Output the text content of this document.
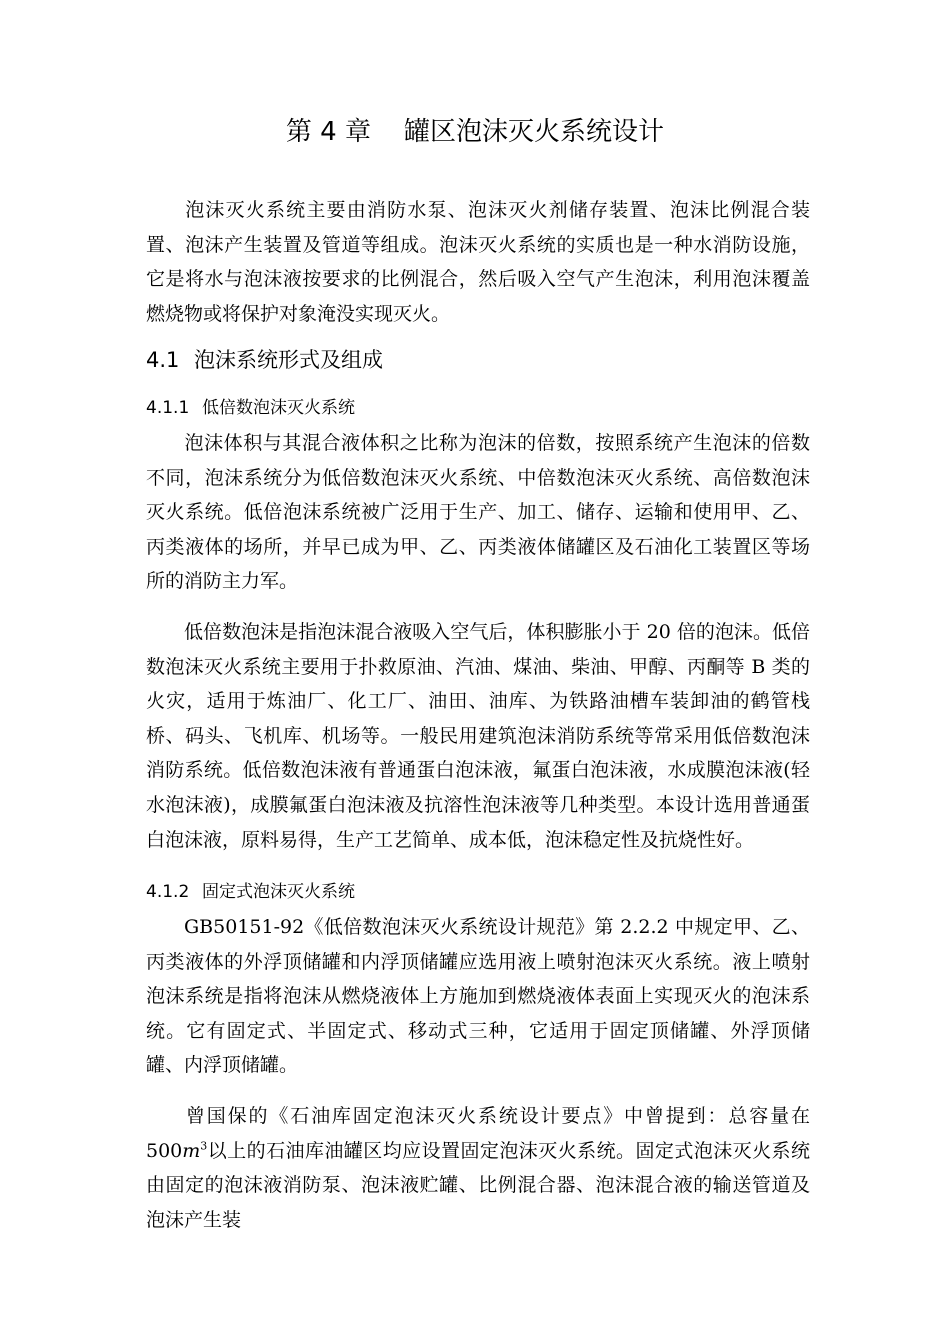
第 4 章    罐区泡沫灭火系统设计

泡沫灭火系统主要由消防水泵、泡沫灭火剂储存装置、泡沫比例混合装置、泡沫产生装置及管道等组成。泡沫灭火系统的实质也是一种水消防设施，它是将水与泡沫液按要求的比例混合，然后吸入空气产生泡沫，利用泡沫覆盖燃烧物或将保护对象淹没实现灭火。

4.1 泡沫系统形式及组成
4.1.1 低倍数泡沫灭火系统

泡沫体积与其混合液体积之比称为泡沫的倍数，按照系统产生泡沫的倍数不同，泡沫系统分为低倍数泡沫灭火系统、中倍数泡沫灭火系统、高倍数泡沫灭火系统。低倍泡沫系统被广泛用于生产、加工、储存、运输和使用甲、乙、丙类液体的场所，并早已成为甲、乙、丙类液体储罐区及石油化工装置区等场所的消防主力军。

低倍数泡沫是指泡沫混合液吸入空气后，体积膨胀小于 20 倍的泡沫。低倍数泡沫灭火系统主要用于扑救原油、汽油、煤油、柴油、甲醇、丙酮等 B 类的火灾，适用于炼油厂、化工厂、油田、油库、为铁路油槽车装卸油的鹤管栈桥、码头、飞机库、机场等。一般民用建筑泡沫消防系统等常采用低倍数泡沫消防系统。低倍数泡沫液有普通蛋白泡沫液，氟蛋白泡沫液，水成膜泡沫液(轻水泡沫液)，成膜氟蛋白泡沫液及抗溶性泡沫液等几种类型。本设计选用普通蛋白泡沫液，原料易得，生产工艺简单、成本低，泡沫稳定性及抗烧性好。

4.1.2 固定式泡沫灭火系统

GB50151-92《低倍数泡沫灭火系统设计规范》第 2.2.2 中规定甲、乙、丙类液体的外浮顶储罐和内浮顶储罐应选用液上喷射泡沫灭火系统。液上喷射泡沫系统是指将泡沫从燃烧液体上方施加到燃烧液体表面上实现灭火的泡沫系统。它有固定式、半固定式、移动式三种，它适用于固定顶储罐、外浮顶储罐、内浮顶储罐。

曾国保的《石油库固定泡沫灭火系统设计要点》中曾提到：总容量在 $500m^3$以上的石油库油罐区均应设置固定泡沫灭火系统。固定式泡沫灭火系统由固定的泡沫液消防泵、泡沫液贮罐、比例混合器、泡沫混合液的输送管道及泡沫产生装
